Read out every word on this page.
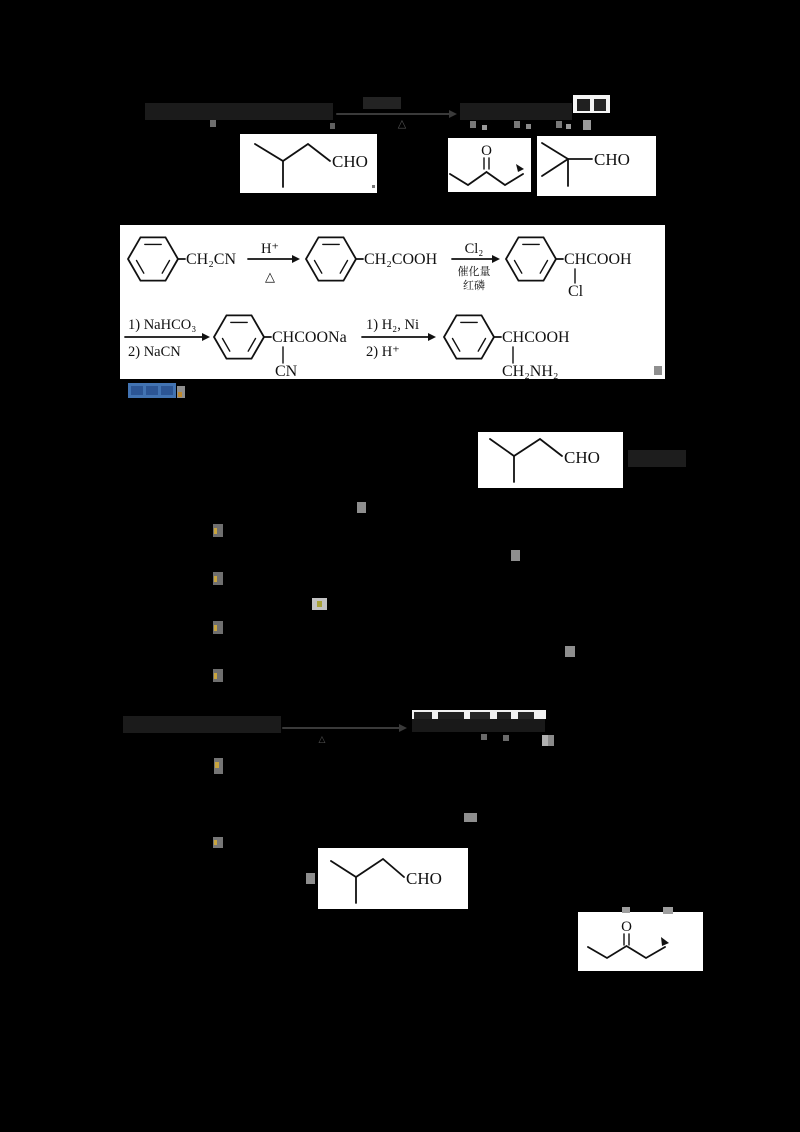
△
CHO
O	CHO
CH₂CN
H⁺
△
CH₂COOH
Cl₂
催化量
红磷
CHCOOH
Cl
1) NaHCO₃
2) NaCN
CHCOONa
CN
1) H₂, Ni
2) H⁺
CHCOOH
CH₂NH₂
CHO
△
CHO
O
